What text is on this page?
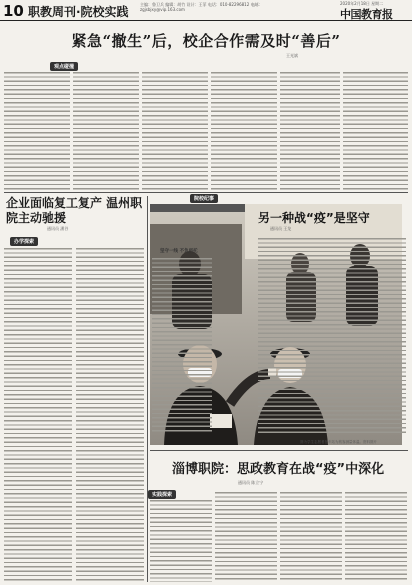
10 职教周刊·院校实践
主编：鲁卫兵 编辑：胡竹 设计：王菲 电话：010-82296812 电邮：zgjsbjxy@vip.163.com
2020年2月18日 星期二
中国教育报
紧急“撤生”后，校企合作需及时“善后”
王光斌
观点碰撞
企业面临复工复产 温州职院主动驰援
通讯员 潘谷
办学探索
院校纪事
另一种战“疫”是坚守
通讯员 王龙
坚守一线 不负所托
图为学生志愿者在车站为旅客测量体温。资料图片
淄博职院：思政教育在战“疫”中深化
通讯员 陈立宁
实践探索
